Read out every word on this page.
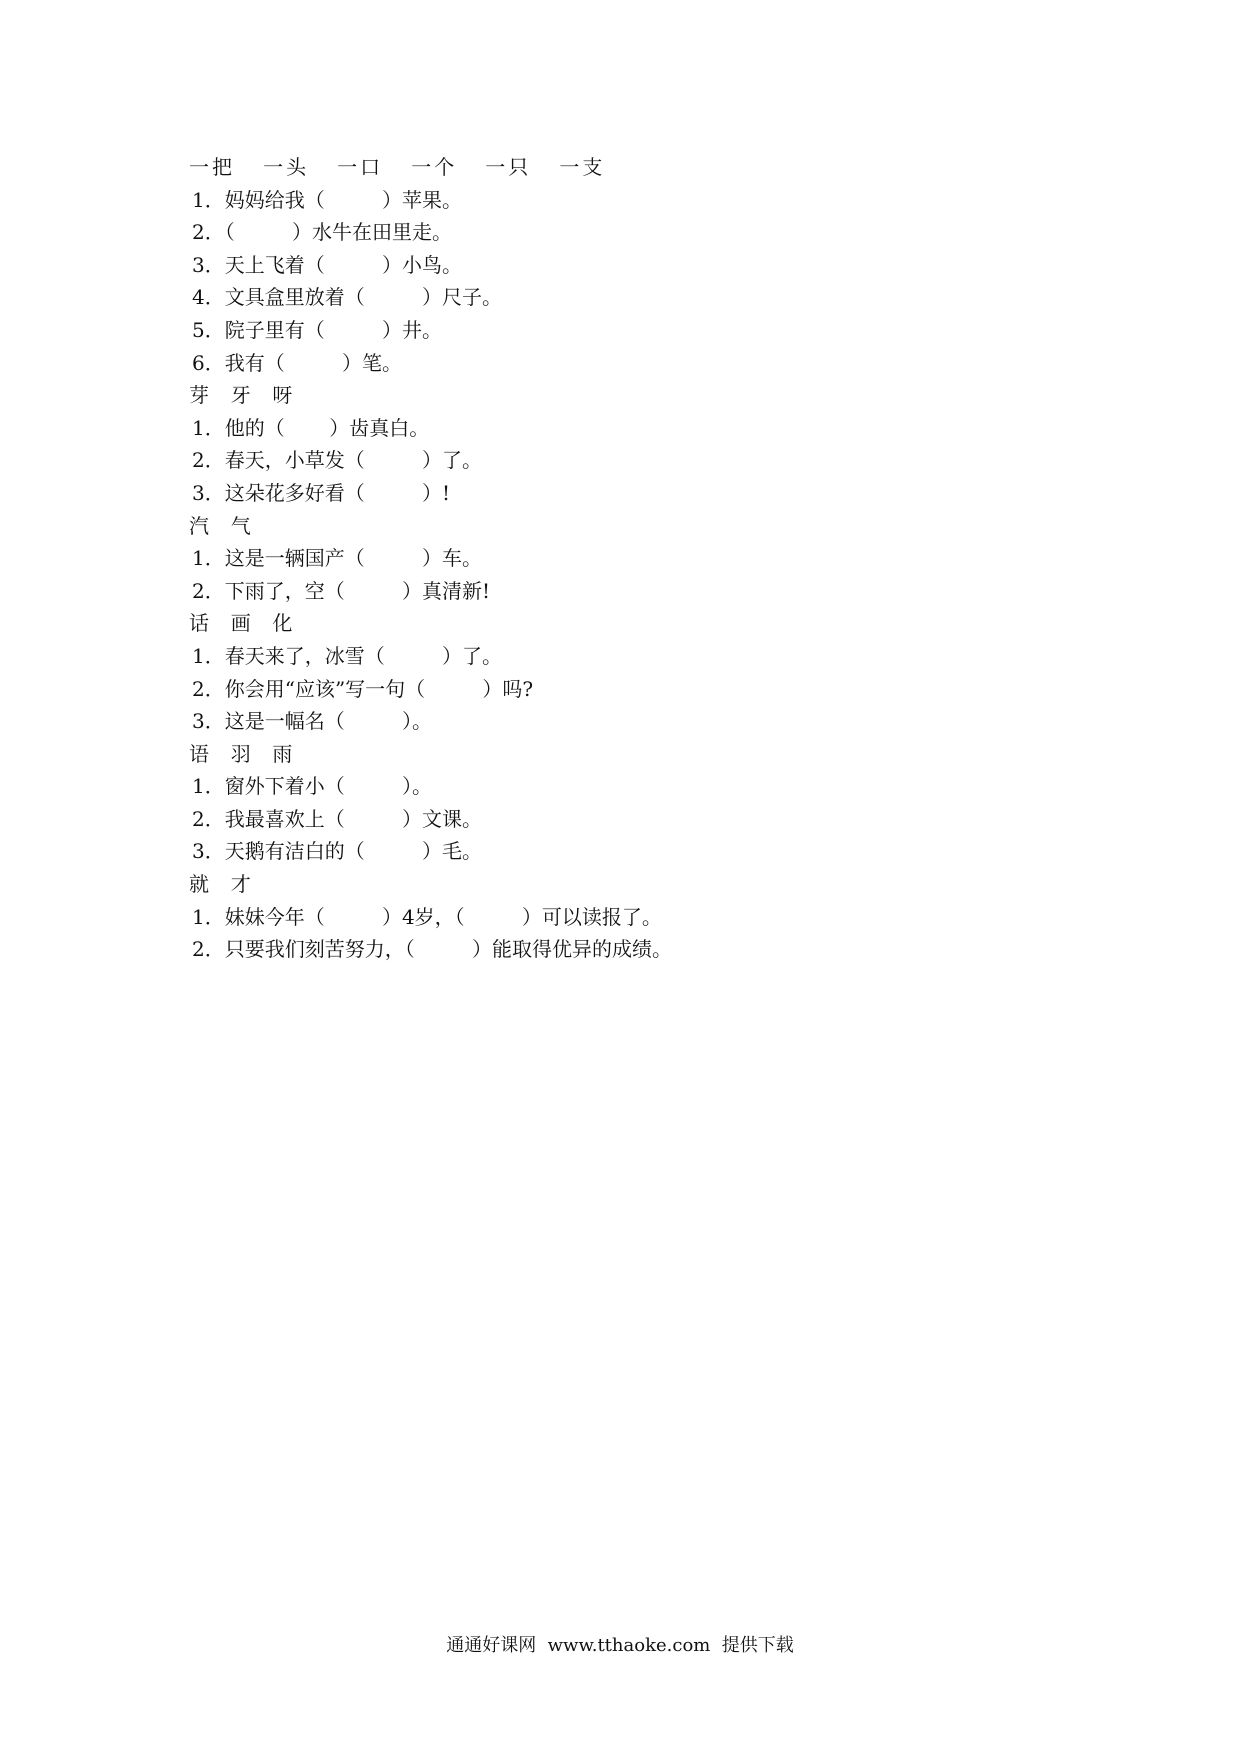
一把   一头   一口   一个   一只   一支
1．妈妈给我（         ）苹果。
2．（         ）水牛在田里走。
3．天上飞着（         ）小鸟。
4．文具盒里放着（         ）尺子。
5．院子里有（         ）井。
6．我有（         ）笔。
芽  牙  呀
1．他的（       ）齿真白。
2．春天，小草发（         ）了。
3．这朵花多好看（         ）!
汽  气
1．这是一辆国产（         ）车。
2．下雨了，空（         ）真清新!
话  画  化
1．春天来了，冰雪（         ）了。
2．你会用“应该”写一句（         ）吗?
3．这是一幅名（         ）。
语  羽  雨
1．窗外下着小（         ）。
2．我最喜欢上（         ）文课。
3．天鹅有洁白的（         ）毛。
就  才
1．妹妹今年（         ）4岁，（         ）可以读报了。
2．只要我们刻苦努力，（         ）能取得优异的成绩。
通通好课网  www.tthaoke.com  提供下载
